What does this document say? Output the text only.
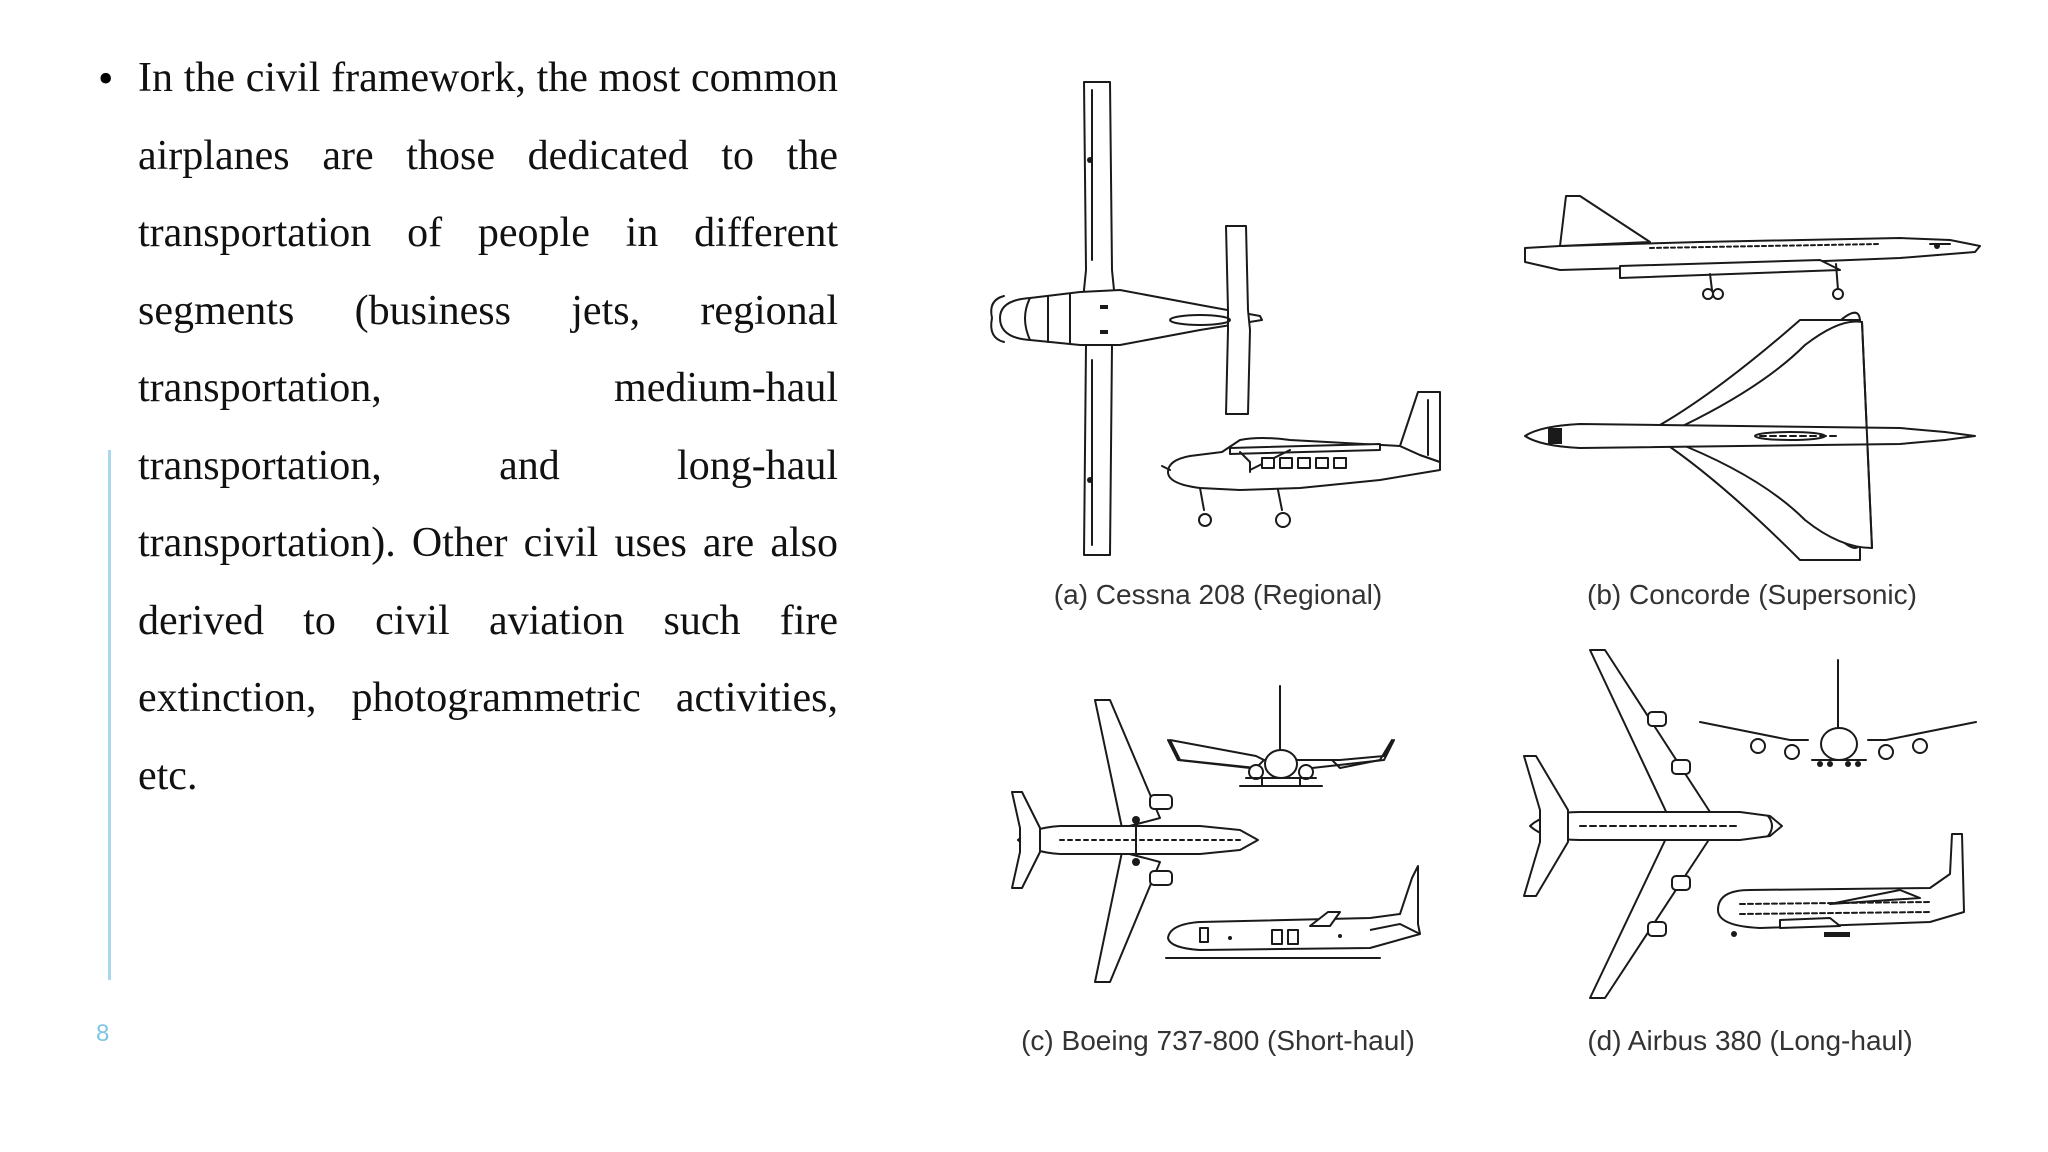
• In the civil framework, the most common airplanes are those dedicated to the transportation of people in different segments (business jets, regional transportation, medium-haul transportation, and long-haul transportation). Other civil uses are also derived to civil aviation such fire extinction, photogrammetric activities, etc.

8
(a) Cessna 208 (Regional)	(b) Concorde (Supersonic)
(c) Boeing 737-800 (Short-haul)	(d) Airbus 380 (Long-haul)
